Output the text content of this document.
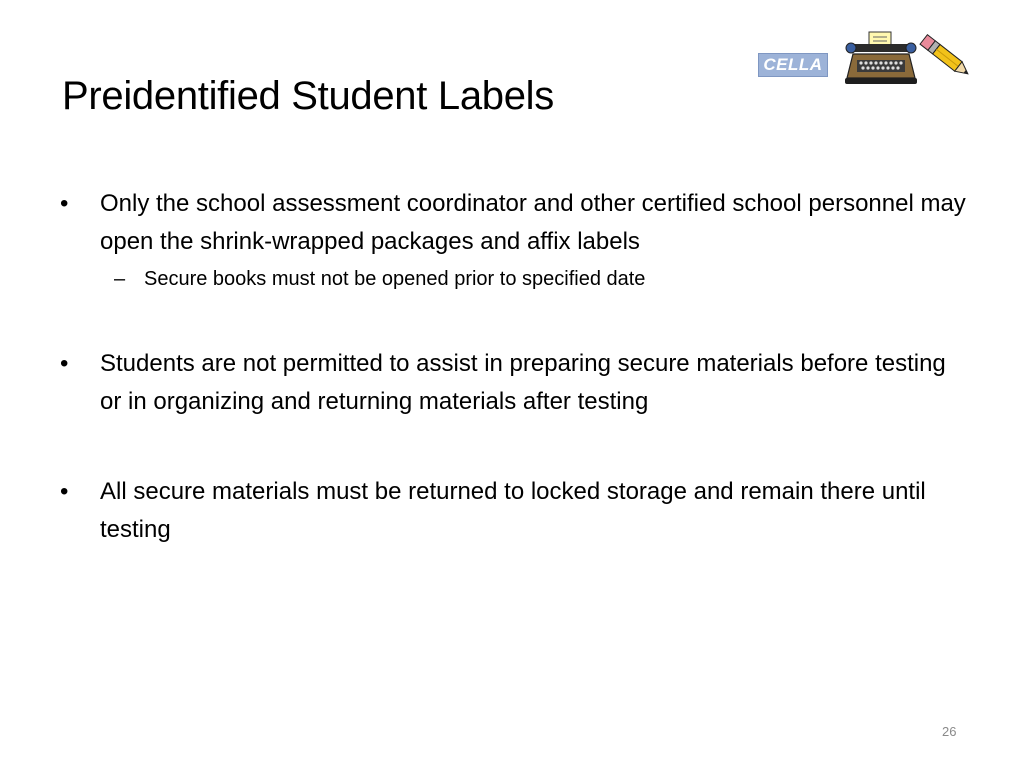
Preidentified Student Labels
CELLA
•	Only the school assessment coordinator and other certified school personnel may open the shrink-wrapped packages and affix labels
– Secure books must not be opened prior to specified date
•	Students are not permitted to assist in preparing secure materials before testing or in organizing and returning materials after testing
•	All secure materials must be returned to locked storage and remain there until testing
26
